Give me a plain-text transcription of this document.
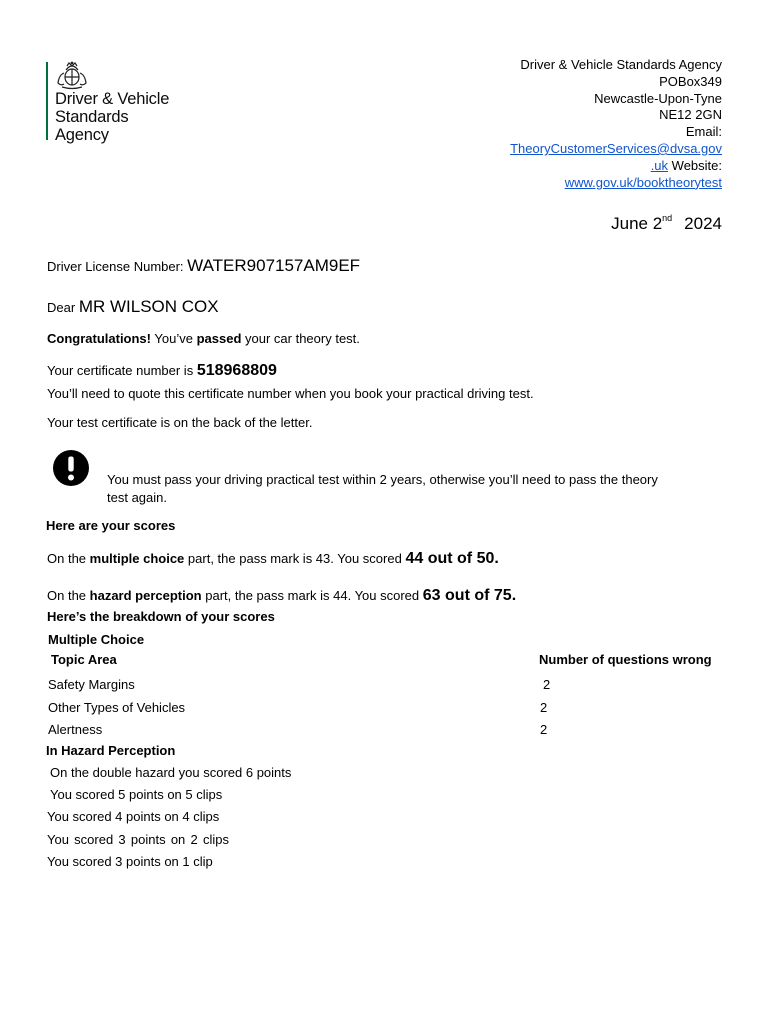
Driver & Vehicle
Standards
Agency
Driver & Vehicle Standards Agency
POBox349
Newcastle-Upon-Tyne
NE12 2GN
Email:
TheoryCustomerServices@dvsa.gov
.uk Website:
www.gov.uk/booktheorytest
June 2nd 2024
Driver License Number: WATER907157AM9EF
Dear MR WILSON COX
Congratulations! You’ve passed your car theory test.
Your certificate number is 518968809
You’ll need to quote this certificate number when you book your practical driving test.
Your test certificate is on the back of the letter.
You must pass your driving practical test within 2 years, otherwise you’ll need to pass the theory
test again.
Here are your scores
On the multiple choice part, the pass mark is 43. You scored 44 out of 50.
On the hazard perception part, the pass mark is 44. You scored 63 out of 75.
Here’s the breakdown of your scores
Multiple Choice
Topic Area	Number of questions wrong
Safety Margins	2
Other Types of Vehicles	2
Alertness	2
In Hazard Perception
On the double hazard you scored 6 points
You scored 5 points on 5 clips
You scored 4 points on 4 clips
You scored 3 points on 2 clips You scored 3 points on 1 clip
